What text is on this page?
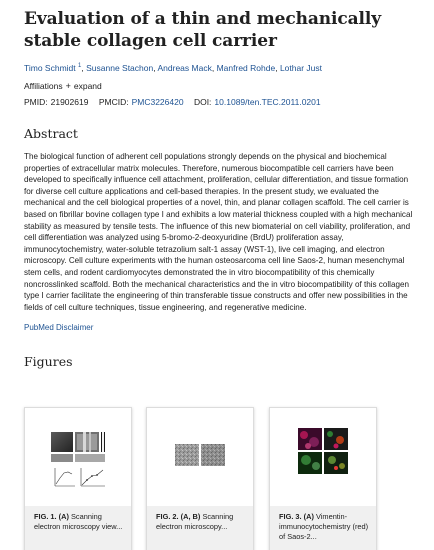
Evaluation of a thin and mechanically stable collagen cell carrier
Timo Schmidt $^1$, Susanne Stachon, Andreas Mack, Manfred Rohde, Lothar Just
Affiliations + expand
PMID: 21902619 PMCID: PMC3226420 DOI: 10.1089/ten.TEC.2011.0201
Abstract

The biological function of adherent cell populations strongly depends on the physical and biochemical properties of extracellular matrix molecules. Therefore, numerous biocompatible cell carriers have been developed to specifically influence cell attachment, proliferation, cellular differentiation, and tissue formation for diverse cell culture applications and cell-based therapies. In the present study, we evaluated the mechanical and the cell biological properties of a novel, thin, and planar collagen scaffold. The cell carrier is based on fibrillar bovine collagen type I and exhibits a low material thickness coupled with a high mechanical stability as measured by tensile tests. The influence of this new biomaterial on cell viability, proliferation, and cell differentiation was analyzed using 5-bromo-2-deoxyuridine (BrdU) proliferation assay, immunocytochemistry, water-soluble tetrazolium salt-1 assay (WST-1), live cell imaging, and electron microscopy. Cell culture experiments with the human osteosarcoma cell line Saos-2, human mesenchymal stem cells, and rodent cardiomyocytes demonstrated the in vitro biocompatibility of this chemically noncrosslinked scaffold. Both the mechanical characteristics and the in vitro biocompatibility of this collagen type I carrier facilitate the engineering of thin transferable tissue constructs and offer new possibilities in the fields of cell culture techniques, tissue engineering, and regenerative medicine.

PubMed Disclaimer
Figures
FIG. 1. (A) Scanning electron microscopy view...
FIG. 2. (A, B) Scanning electron microscopy...
FIG. 3. (A) Vimentin-immunocytochemistry (red) of Saos-2...
